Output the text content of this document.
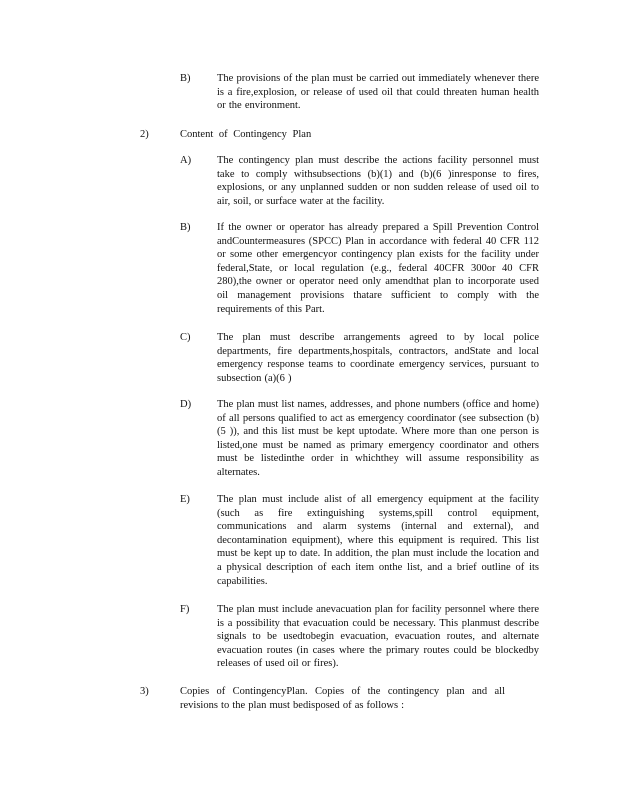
B)	The provisions of the plan must be carried out immediately whenever there is a fire,explosion, or release of used oil that could threaten human health or the environment.
2)	Content of Contingency Plan
A) The contingency plan must describe the actions facility personnel must take to comply withsubsections (b)(1) and (b)(6 )inresponse to fires, explosions, or any unplanned sudden or non sudden release of used oil to air, soil, or surface water at the facility.
B)	If the owner or operator has already prepared a Spill Prevention Control andCountermeasures (SPCC) Plan in accordance with federal 40 CFR 112 or some other emergencyor contingency plan exists for the facility under federal,State, or local regulation (e.g., federal 40CFR 300or 40 CFR 280),the owner or operator need only amendthat plan to incorporate used oil management provisions thatare sufficient to comply with the requirements of this Part.
C)	The plan must describe arrangements agreed to by local police departments, fire departments,hospitals, contractors, andState and local emergency response teams to coordinate emergency services, pursuant to subsection (a)(6 )
D) The plan must list names, addresses, and phone numbers (office and home) of all persons qualified to act as emergency coordinator (see subsection (b)(5 )), and this list must be kept uptodate. Where more than one person is listed,one must be named as primary emergency coordinator and others must be listedinthe order in whichthey will assume responsibility as alternates.
E)	The plan must include alist of all emergency equipment at the facility (such as fire extinguishing systems,spill control equipment, communications and alarm systems (internal and external), and decontamination equipment), where this equipment is required. This list must be kept up to date. In addition, the plan must include the location and a physical description of each item onthe list, and a brief outline of its capabilities.
F)	The plan must include anevacuation plan for facility personnel where there is a possibility that evacuation could be necessary. This planmust describe signals to be usedtobegin evacuation, evacuation routes, and alternate evacuation routes (in cases where the primary routes could be blockedby releases of used oil or fires).
3)	Copies of ContingencyPlan. Copies of the contingency plan and all revisions to the plan must bedisposed of as follows :
